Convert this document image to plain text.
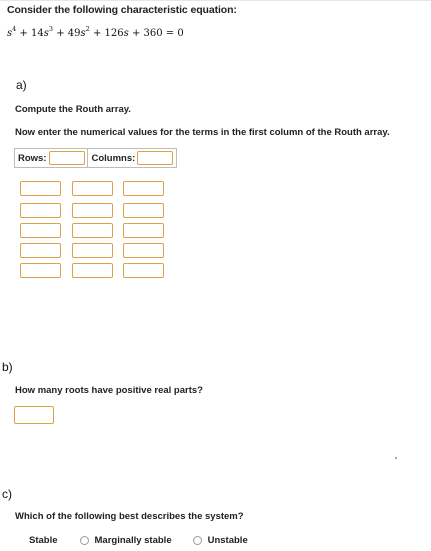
Consider the following characteristic equation:
$s^4 + 14s^3 + 49s^2 + 126s + 360 = 0$
a)
Compute the Routh array.
Now enter the numerical values for the terms in the first column of the Routh array.
Rows:	Columns:
b)
How many roots have positive real parts?
c)
Which of the following best describes the system?
Stable	Marginally stable	Unstable
